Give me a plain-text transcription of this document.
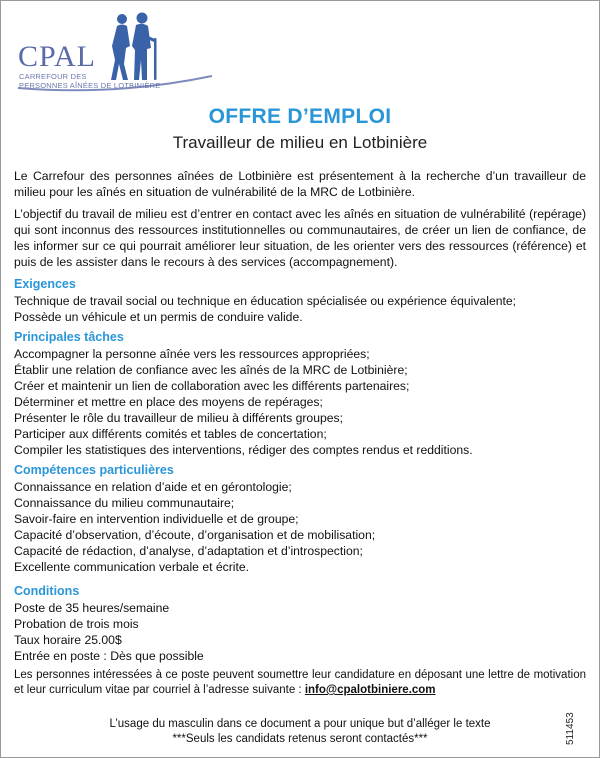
CPAL
CARREFOUR DES
PERSONNES AÎNÉES DE LOTBINIÈRE
OFFRE D’EMPLOI
Travailleur de milieu en Lotbinière

Le Carrefour des personnes aînées de Lotbinière est présentement à la recherche d’un travailleur de milieu pour les aînés en situation de vulnérabilité de la MRC de Lotbinière.

L’objectif du travail de milieu est d’entrer en contact avec les aînés en situation de vulnérabilité (repérage) qui sont inconnus des ressources institutionnelles ou communautaires, de créer un lien de confiance, de les informer sur ce qui pourrait améliorer leur situation, de les orienter vers des ressources (référence) et puis de les assister dans le recours à des services (accompagnement).

Exigences
Technique de travail social ou technique en éducation spécialisée ou expérience équivalente;
Possède un véhicule et un permis de conduire valide.
Principales tâches
Accompagner la personne aînée vers les ressources appropriées;
Établir une relation de confiance avec les aînés de la MRC de Lotbinière;
Créer et maintenir un lien de collaboration avec les différents partenaires;
Déterminer et mettre en place des moyens de repérages;
Présenter le rôle du travailleur de milieu à différents groupes;
Participer aux différents comités et tables de concertation;
Compiler les statistiques des interventions, rédiger des comptes rendus et redditions.
Compétences particulières
Connaissance en relation d’aide et en gérontologie;
Connaissance du milieu communautaire;
Savoir-faire en intervention individuelle et de groupe;
Capacité d’observation, d’écoute, d’organisation et de mobilisation;
Capacité de rédaction, d’analyse, d’adaptation et d’introspection;
Excellente communication verbale et écrite.
Conditions
Poste de 35 heures/semaine
Probation de trois mois
Taux horaire 25.00$
Entrée en poste : Dès que possible

Les personnes intéressées à ce poste peuvent soumettre leur candidature en déposant une lettre de motivation et leur curriculum vitae par courriel à l’adresse suivante : info@cpalotbiniere.com

L’usage du masculin dans ce document a pour unique but d’alléger le texte
***Seuls les candidats retenus seront contactés***	511453
